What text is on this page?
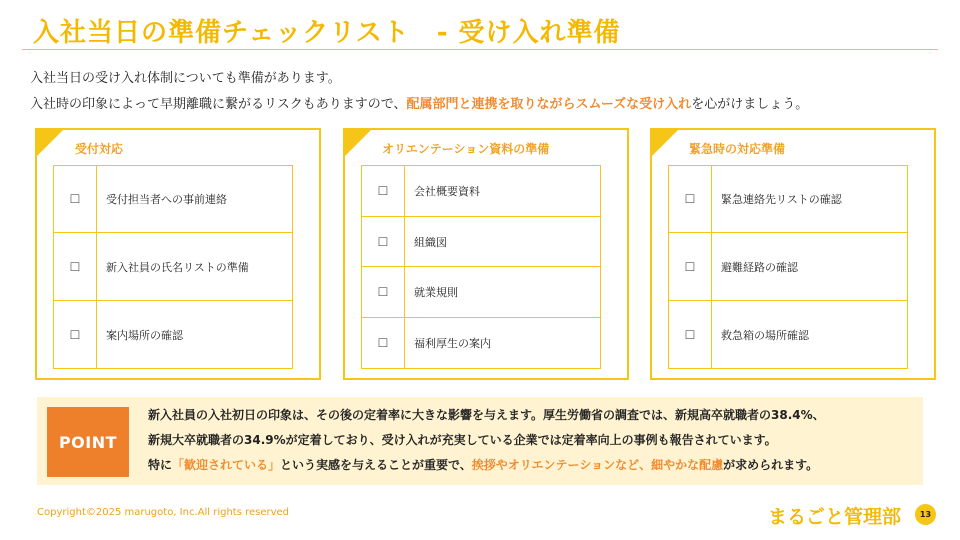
入社当日の準備チェックリスト　- 受け入れ準備
入社当日の受け入れ体制についても準備があります。
入社時の印象によって早期離職に繋がるリスクもありますので、配属部門と連携を取りながらスムーズな受け入れを心がけましょう。
受付対応
☐	受付担当者への事前連絡
☐	新入社員の氏名リストの準備
☐	案内場所の確認
オリエンテーション資料の準備
☐	会社概要資料
☐	組織図
☐	就業規則
☐	福利厚生の案内
緊急時の対応準備
☐	緊急連絡先リストの確認
☐	避難経路の確認
☐	救急箱の場所確認
POINT
新入社員の入社初日の印象は、その後の定着率に大きな影響を与えます。厚生労働省の調査では、新規高卒就職者の38.4%、
新規大卒就職者の34.9%が定着しており、受け入れが充実している企業では定着率向上の事例も報告されています。
特に「歓迎されている」という実感を与えることが重要で、挨拶やオリエンテーションなど、細やかな配慮が求められます。
Copyright©2025 marugoto, Inc.All rights reserved	まるごと管理部	13
